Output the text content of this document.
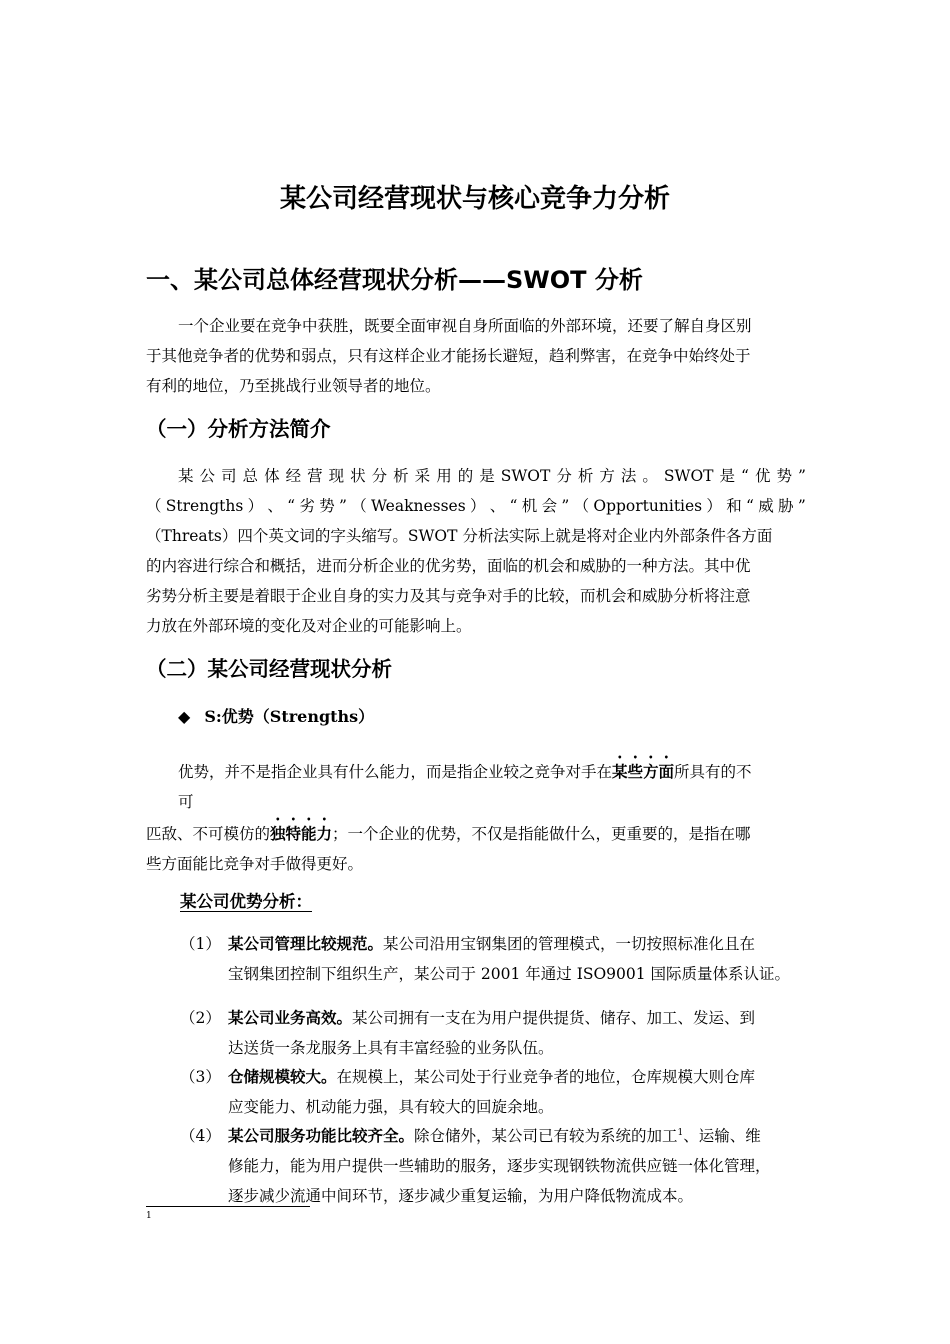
某公司经营现状与核心竞争力分析
一、某公司总体经营现状分析——SWOT 分析

一个企业要在竞争中获胜，既要全面审视自身所面临的外部环境，还要了解自身区别

于其他竞争者的优势和弱点，只有这样企业才能扬长避短，趋利弊害，在竞争中始终处于

有利的地位，乃至挑战行业领导者的地位。

（一）分析方法简介

某 公 司 总 体 经 营 现 状 分 析 采 用 的 是 SWOT 分 析 方 法 。 SWOT 是 “ 优 势 ”

（ Strengths ） 、 “ 劣 势 ” （ Weaknesses ） 、 “ 机 会 ” （ Opportunities ） 和 “ 威 胁 ”

（Threats）四个英文词的字头缩写。SWOT 分析法实际上就是将对企业内外部条件各方面

的内容进行综合和概括，进而分析企业的优劣势，面临的机会和威胁的一种方法。其中优

劣势分析主要是着眼于企业自身的实力及其与竞争对手的比较，而机会和威胁分析将注意

力放在外部环境的变化及对企业的可能影响上。

（二）某公司经营现状分析
◆ S:优势（Strengths）

优势，并不是指企业具有什么能力，而是指企业较之竞争对手在某些方面所具有的不

可

匹敌、不可模仿的独特能力；一个企业的优势，不仅是指能做什么，更重要的，是指在哪

些方面能比竞争对手做得更好。

某公司优势分析：
（1） 某公司管理比较规范。某公司沿用宝钢集团的管理模式，一切按照标准化且在

宝钢集团控制下组织生产，某公司于 2001 年通过 ISO9001 国际质量体系认证。

（2） 某公司业务高效。某公司拥有一支在为用户提供提货、储存、加工、发运、到

达送货一条龙服务上具有丰富经验的业务队伍。

（3） 仓储规模较大。在规模上，某公司处于行业竞争者的地位，仓库规模大则仓库

应变能力、机动能力强，具有较大的回旋余地。

（4） 某公司服务功能比较齐全。除仓储外，某公司已有较为系统的加工$^1$、运输、维

修能力，能为用户提供一些辅助的服务，逐步实现钢铁物流供应链一体化管理，

逐步减少流通中间环节，逐步减少重复运输，为用户降低物流成本。

1
